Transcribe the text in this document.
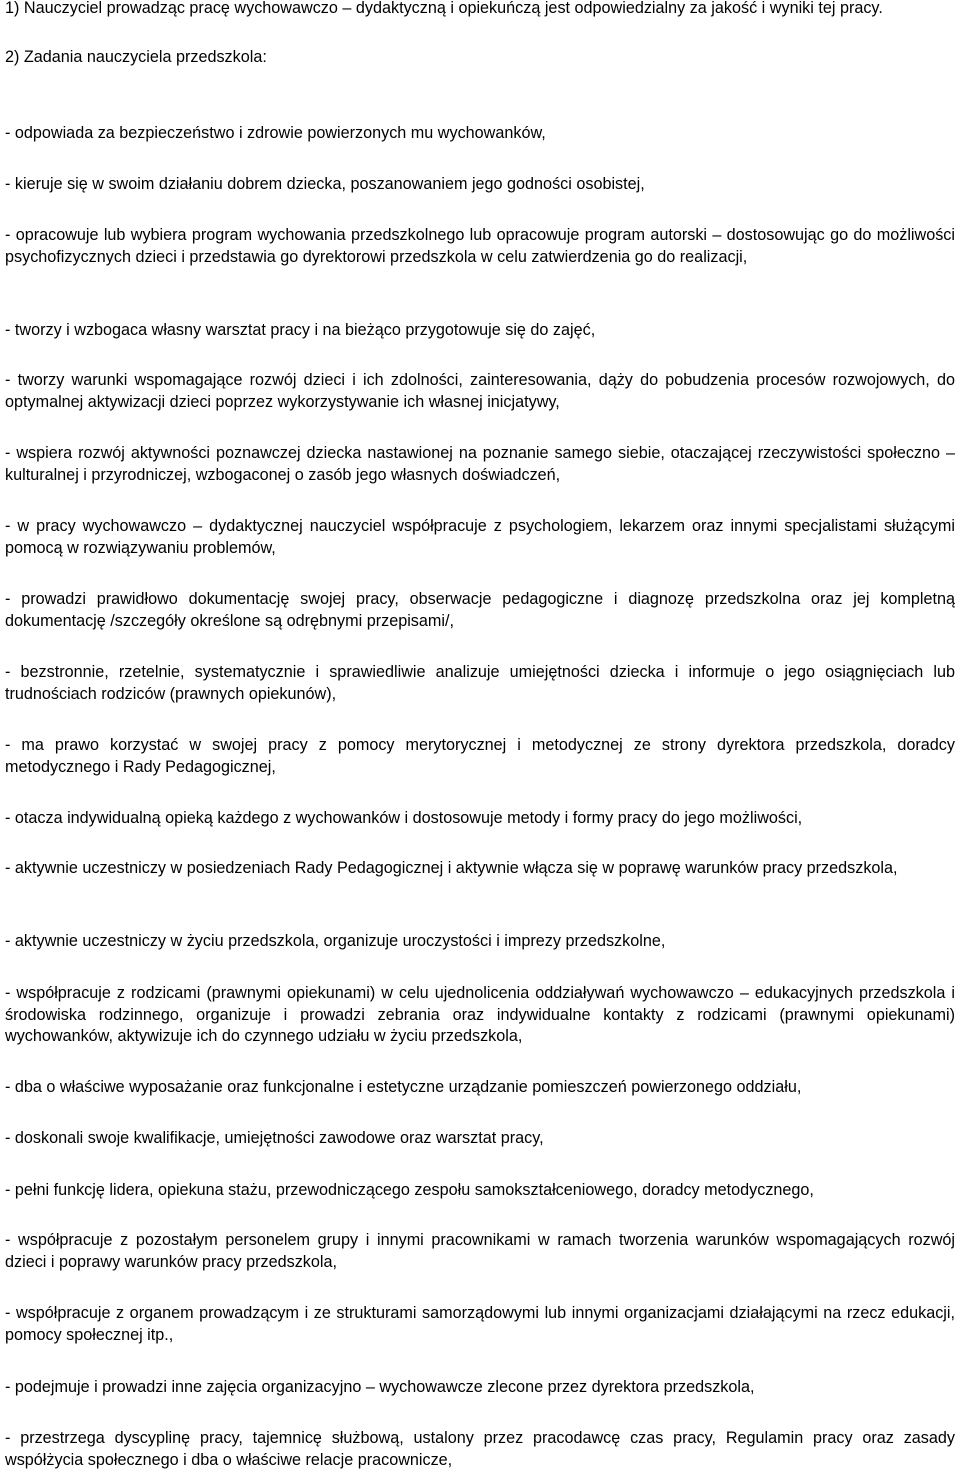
1) Nauczyciel prowadząc pracę wychowawczo – dydaktyczną i opiekuńczą jest odpowiedzialny za jakość i wyniki tej pracy.

2) Zadania nauczyciela przedszkola:

- odpowiada za bezpieczeństwo i zdrowie powierzonych mu wychowanków,

- kieruje się w swoim działaniu dobrem dziecka, poszanowaniem jego godności osobistej,

- opracowuje lub wybiera program wychowania przedszkolnego lub opracowuje program autorski – dostosowując go do możliwości psychofizycznych dzieci i przedstawia go dyrektorowi przedszkola w celu zatwierdzenia go do realizacji,

- tworzy i wzbogaca własny warsztat pracy i na bieżąco przygotowuje się do zajęć,

- tworzy warunki wspomagające rozwój dzieci i ich zdolności, zainteresowania, dąży do pobudzenia procesów rozwojowych, do optymalnej aktywizacji dzieci poprzez wykorzystywanie ich własnej inicjatywy,

- wspiera rozwój aktywności poznawczej dziecka nastawionej na poznanie samego siebie, otaczającej rzeczywistości społeczno – kulturalnej i przyrodniczej, wzbogaconej o zasób jego własnych doświadczeń,

- w pracy wychowawczo – dydaktycznej nauczyciel współpracuje z psychologiem, lekarzem oraz innymi specjalistami służącymi pomocą w rozwiązywaniu problemów,

- prowadzi prawidłowo dokumentację swojej pracy, obserwacje pedagogiczne i diagnozę przedszkolna oraz jej kompletną dokumentację /szczegóły określone są odrębnymi przepisami/,

- bezstronnie, rzetelnie, systematycznie i sprawiedliwie analizuje umiejętności dziecka i informuje o jego osiągnięciach lub trudnościach rodziców (prawnych opiekunów),

- ma prawo korzystać w swojej pracy z pomocy merytorycznej i metodycznej ze strony dyrektora przedszkola, doradcy metodycznego i Rady Pedagogicznej,

- otacza indywidualną opieką każdego z wychowanków i dostosowuje metody i formy pracy do jego możliwości,

- aktywnie uczestniczy w posiedzeniach Rady Pedagogicznej i aktywnie włącza się w poprawę warunków pracy przedszkola,

- aktywnie uczestniczy w życiu przedszkola, organizuje uroczystości i imprezy przedszkolne,

- współpracuje z rodzicami (prawnymi opiekunami) w celu ujednolicenia oddziaływań wychowawczo – edukacyjnych przedszkola i środowiska rodzinnego, organizuje i prowadzi zebrania oraz indywidualne kontakty z rodzicami (prawnymi opiekunami) wychowanków, aktywizuje ich do czynnego udziału w życiu przedszkola,

- dba o właściwe wyposażanie oraz funkcjonalne i estetyczne urządzanie pomieszczeń powierzonego oddziału,

- doskonali swoje kwalifikacje, umiejętności zawodowe oraz warsztat pracy,

- pełni funkcję lidera, opiekuna stażu, przewodniczącego zespołu samokształceniowego, doradcy metodycznego,

- współpracuje z pozostałym personelem grupy i innymi pracownikami w ramach tworzenia warunków wspomagających rozwój dzieci i poprawy warunków pracy przedszkola,

- współpracuje z organem prowadzącym i ze strukturami samorządowymi lub innymi organizacjami działającymi na rzecz edukacji, pomocy społecznej itp.,

- podejmuje i prowadzi inne zajęcia organizacyjno – wychowawcze zlecone przez dyrektora przedszkola,

- przestrzega dyscyplinę pracy, tajemnicę służbową, ustalony przez pracodawcę czas pracy, Regulamin pracy oraz zasady współżycia społecznego i dba o właściwe relacje pracownicze,
